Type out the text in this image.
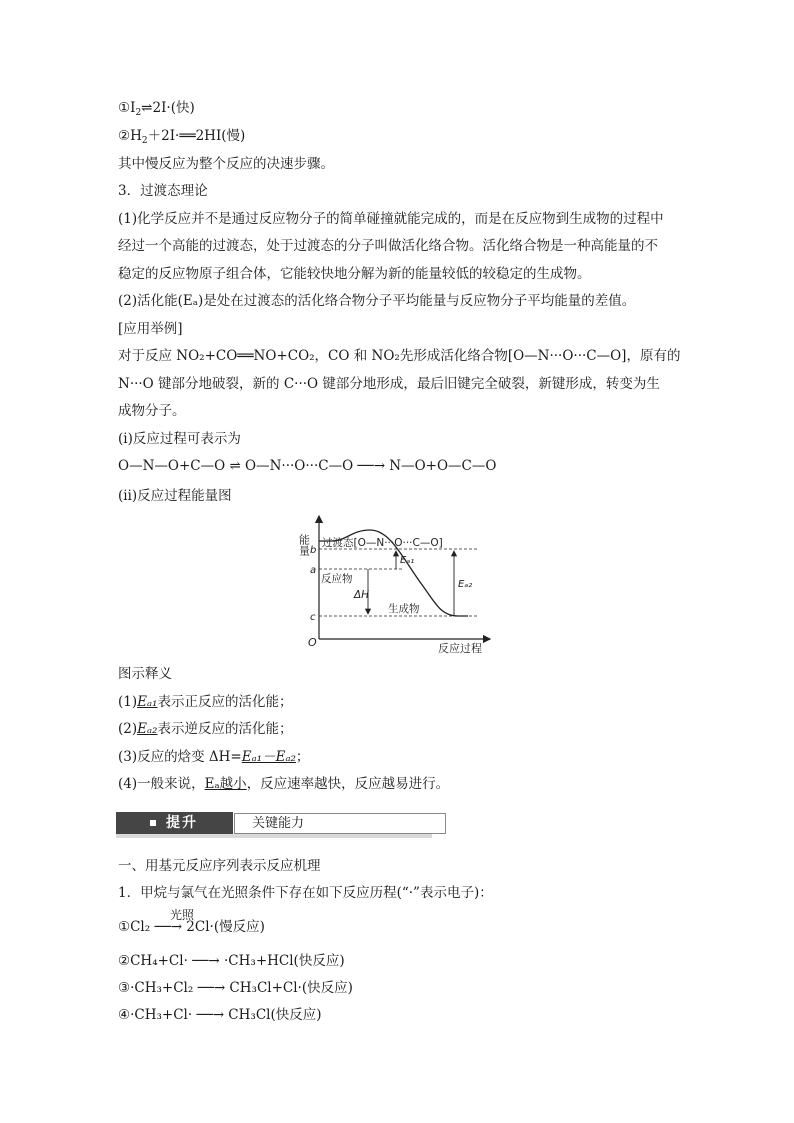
$①I_2\rightleftharpoons 2I\cdot$(快)
$②H_2+2I\cdot══2HI$(慢)
其中慢反应为整个反应的决速步骤。
3．过渡态理论
(1)化学反应并不是通过反应物分子的简单碰撞就能完成的，而是在反应物到生成物的过程中
经过一个高能的过渡态，处于过渡态的分子叫做活化络合物。活化络合物是一种高能量的不
稳定的反应物原子组合体，它能较快地分解为新的能量较低的较稳定的生成物。
(2)活化能(Eₐ)是处在过渡态的活化络合物分子平均能量与反应物分子平均能量的差值。
[应用举例]
对于反应 NO₂+CO══NO+CO₂，CO 和 NO₂先形成活化络合物[O—N···O···C—O]，原有的
N···O 键部分地破裂，新的 C···O 键部分地形成，最后旧键完全破裂，新键形成，转变为生
成物分子。
(ⅰ)反应过程可表示为
O—N—O+C—O ⇌ O—N···O···C—O ──→ N—O+O—C—O
(ⅱ)反应过程能量图
能量
反应过程
O
b
a
c
过渡态[O—N···O···C—O]
反应物
生成物
Eₐ₁
Eₐ₂
ΔH
图示释义
(1)Eₐ₁表示正反应的活化能；
(2)Eₐ₂表示逆反应的活化能；
(3)反应的焓变 ΔH=Eₐ₁－Eₐ₂；
(4)一般来说，Eₐ越小，反应速率越快，反应越易进行。
提升	关键能力
一、用基元反应序列表示反应机理
1．甲烷与氯气在光照条件下存在如下反应历程(“·”表示电子)：
光照
①Cl₂ ──→ 2Cl·(慢反应)
②CH₄+Cl· ──→ ·CH₃+HCl(快反应)
③·CH₃+Cl₂ ──→ CH₃Cl+Cl·(快反应)
④·CH₃+Cl· ──→ CH₃Cl(快反应)
